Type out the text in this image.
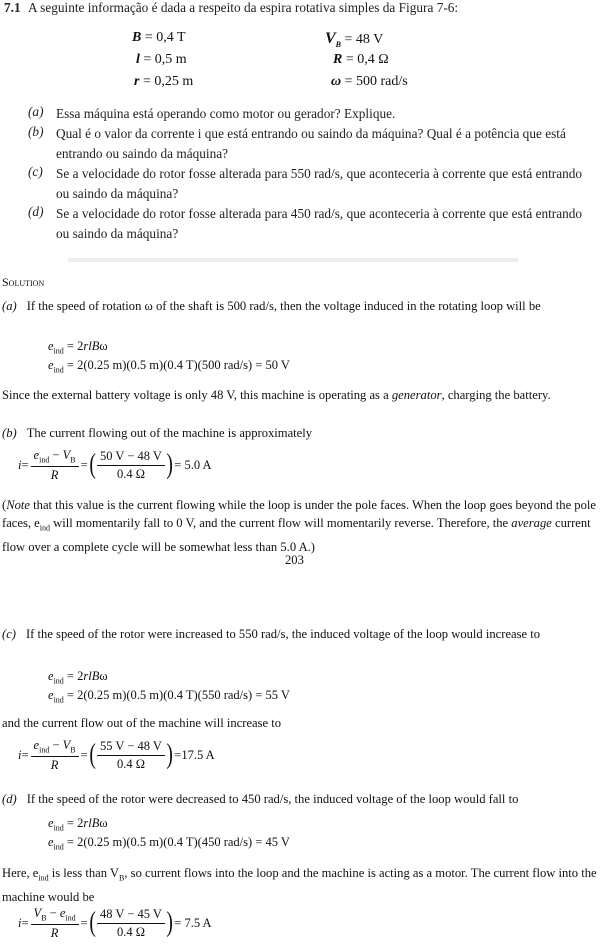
7.1 A seguinte informação é dada a respeito da espira rotativa simples da Figura 7-6:
B = 0,4 T
l = 0,5 m
r = 0,25 m
$V_B = 48$ V
R = 0,4 Ω
ω = 500 rad/s
(a) Essa máquina está operando como motor ou gerador? Explique.
(b) Qual é o valor da corrente i que está entrando ou saindo da máquina? Qual é a potência que está entrando ou saindo da máquina?
(c) Se a velocidade do rotor fosse alterada para 550 rad/s, que aconteceria à corrente que está entrando ou saindo da máquina?
(d) Se a velocidade do rotor fosse alterada para 450 rad/s, que aconteceria à corrente que está entrando ou saindo da máquina?
Solution
(a) If the speed of rotation ω of the shaft is 500 rad/s, then the voltage induced in the rotating loop will be
$e_{ind} = 2rlB\omega$
$e_{ind} = 2(0.25$ m)(0.5 m)(0.4 T)(500 rad/s) = 50 V
Since the external battery voltage is only 48 V, this machine is operating as a generator, charging the battery.
(b) The current flowing out of the machine is approximately
$i = \frac{e_{ind} - V_B}{R}$ = ( $\frac{50 V - 48 V}{0.4 \Omega}$ ) = 5.0 A
(Note that this value is the current flowing while the loop is under the pole faces. When the loop goes beyond the pole faces, $e_{ind}$ will momentarily fall to 0 V, and the current flow will momentarily reverse. Therefore, the average current flow over a complete cycle will be somewhat less than 5.0 A.)
203
(c) If the speed of the rotor were increased to 550 rad/s, the induced voltage of the loop would increase to
$e_{ind} = 2rlB\omega$
$e_{ind} = 2(0.25$ m)(0.5 m)(0.4 T)(550 rad/s) = 55 V
and the current flow out of the machine will increase to
$i = \frac{e_{ind} - V_B}{R}$ = ( $\frac{55 V - 48 V}{0.4 \Omega}$ ) =17.5 A
(d) If the speed of the rotor were decreased to 450 rad/s, the induced voltage of the loop would fall to
$e_{ind} = 2rlB\omega$
$e_{ind} = 2(0.25$ m)(0.5 m)(0.4 T)(450 rad/s) = 45 V
Here, $e_{ind}$ is less than $V_B$, so current flows into the loop and the machine is acting as a motor. The current flow into the machine would be
$i = \frac{V_B - e_{ind}}{R}$ = ( $\frac{48 V - 45 V}{0.4 \Omega}$ ) = 7.5 A
